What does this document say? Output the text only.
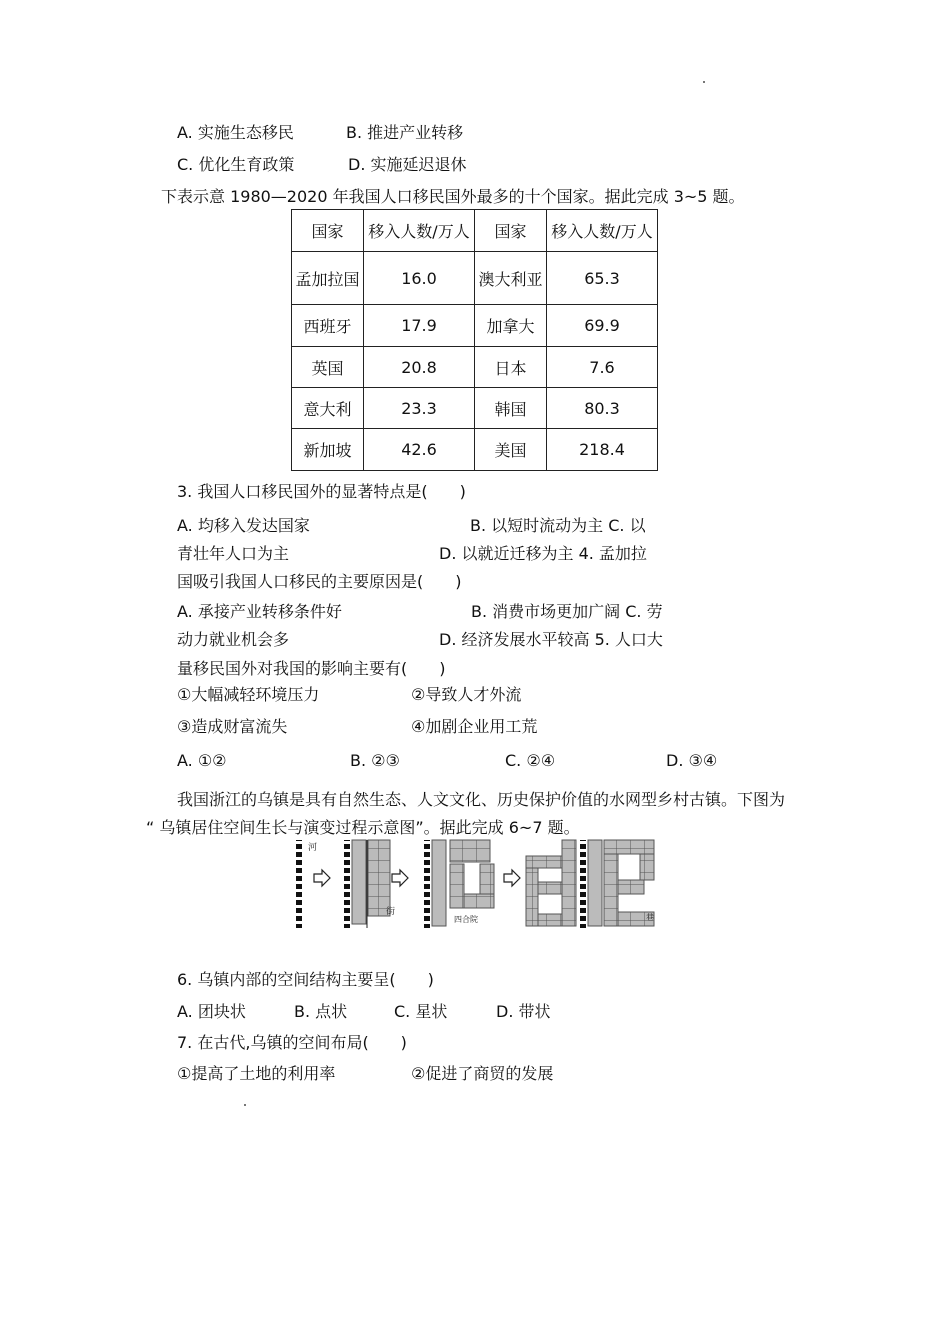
A. 实施生态移民	B. 推进产业转移
C. 优化生育政策	D. 实施延迟退休
下表示意 1980—2020 年我国人口移民国外最多的十个国家。据此完成 3~5 题。
国家	移入人数/万人	国家	移入人数/万人
孟加拉国	16.0	澳大利亚	65.3
西班牙	17.9	加拿大	69.9
英国	20.8	日本	7.6
意大利	23.3	韩国	80.3
新加坡	42.6	美国	218.4
3. 我国人口移民国外的显著特点是(　　)
A. 均移入发达国家	B. 以短时流动为主 C. 以
青壮年人口为主	D. 以就近迁移为主 4. 孟加拉
国吸引我国人口移民的主要原因是(　　)
A. 承接产业转移条件好	B. 消费市场更加广阔 C. 劳
动力就业机会多	D. 经济发展水平较高 5. 人口大
量移民国外对我国的影响主要有(　　)
①大幅减轻环境压力	②导致人才外流
③造成财富流失	④加剧企业用工荒
A. ①②	B. ②③	C. ②④	D. ③④
我国浙江的乌镇是具有自然生态、人文文化、历史保护价值的水网型乡村古镇。下图为
“ 乌镇居住空间生长与演变过程示意图”。据此完成 6~7 题。
河
街
四合院	巷
6. 乌镇内部的空间结构主要呈(　　)
A. 团块状	B. 点状	C. 星状	D. 带状
7. 在古代,乌镇的空间布局(　　)
①提高了土地的利用率	②促进了商贸的发展
